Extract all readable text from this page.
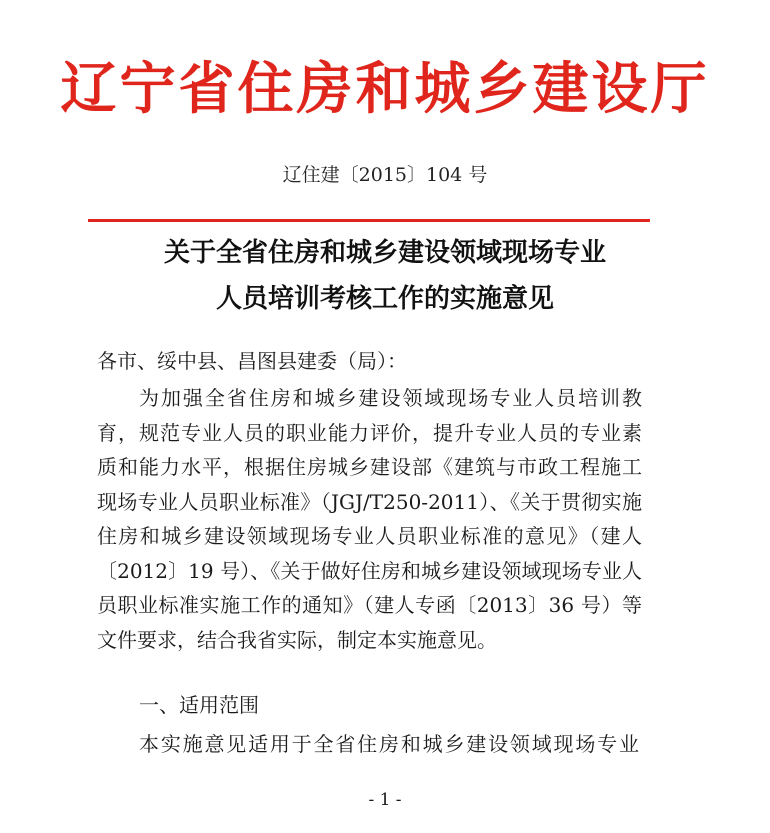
辽宁省住房和城乡建设厅
辽住建〔2015〕104 号
关于全省住房和城乡建设领域现场专业
人员培训考核工作的实施意见
各市、绥中县、昌图县建委（局）：
为加强全省住房和城乡建设领域现场专业人员培训教
育，规范专业人员的职业能力评价，提升专业人员的专业素
质和能力水平，根据住房城乡建设部《建筑与市政工程施工
现场专业人员职业标准》（JGJ/T250-2011）、《关于贯彻实施
住房和城乡建设领域现场专业人员职业标准的意见》（建人
〔2012〕19 号）、《关于做好住房和城乡建设领域现场专业人
员职业标准实施工作的通知》（建人专函〔2013〕36 号）等
文件要求，结合我省实际，制定本实施意见。
一、适用范围
本实施意见适用于全省住房和城乡建设领域现场专业
- 1 -
